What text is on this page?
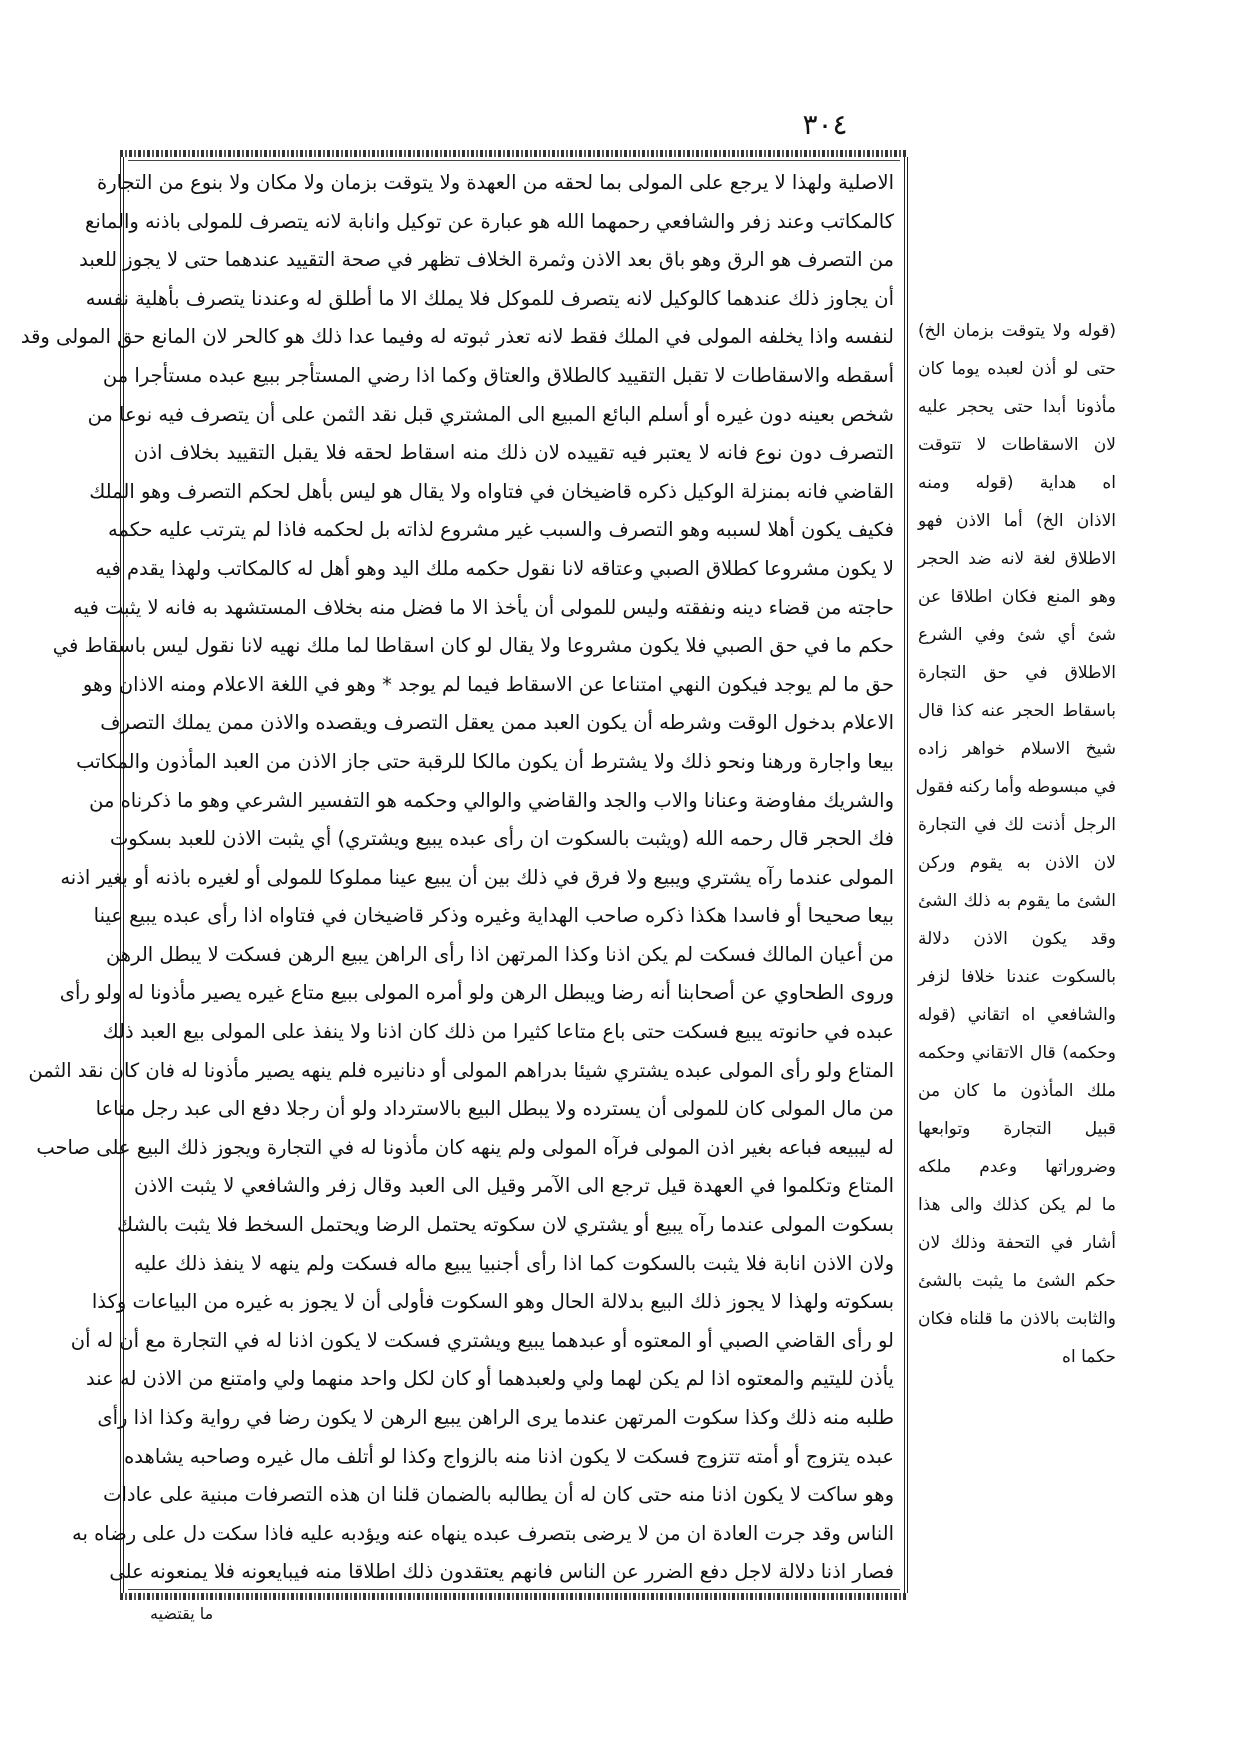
٣٠٤
الاصلية ولهذا لا يرجع على المولى بما لحقه من العهدة ولا يتوقت بزمان ولا مكان ولا بنوع من التجارة
كالمكاتب وعند زفر والشافعي رحمهما الله هو عبارة عن توكيل وانابة لانه يتصرف للمولى باذنه والمانع
من التصرف هو الرق وهو باق بعد الاذن وثمرة الخلاف تظهر في صحة التقييد عندهما حتى لا يجوز للعبد
أن يجاوز ذلك عندهما كالوكيل لانه يتصرف للموكل فلا يملك الا ما أطلق له وعندنا يتصرف بأهلية نفسه
لنفسه واذا يخلفه المولى في الملك فقط لانه تعذر ثبوته له وفيما عدا ذلك هو كالحر لان المانع حق المولى وقد
أسقطه والاسقاطات لا تقبل التقييد كالطلاق والعتاق وكما اذا رضي المستأجر ببيع عبده مستأجرا من
شخص بعينه دون غيره أو أسلم البائع المبيع الى المشتري قبل نقد الثمن على أن يتصرف فيه نوعا من
التصرف دون نوع فانه لا يعتبر فيه تقييده لان ذلك منه اسقاط لحقه فلا يقبل التقييد بخلاف اذن
القاضي فانه بمنزلة الوكيل ذكره قاضيخان في فتاواه ولا يقال هو ليس بأهل لحكم التصرف وهو الملك
فكيف يكون أهلا لسببه وهو التصرف والسبب غير مشروع لذاته بل لحكمه فاذا لم يترتب عليه حكمه
لا يكون مشروعا كطلاق الصبي وعتاقه لانا نقول حكمه ملك اليد وهو أهل له كالمكاتب ولهذا يقدم فيه
حاجته من قضاء دينه ونفقته وليس للمولى أن يأخذ الا ما فضل منه بخلاف المستشهد به فانه لا يثبت فيه
حكم ما في حق الصبي فلا يكون مشروعا ولا يقال لو كان اسقاطا لما ملك نهيه لانا نقول ليس باسقاط في
حق ما لم يوجد فيكون النهي امتناعا عن الاسقاط فيما لم يوجد * وهو في اللغة الاعلام ومنه الاذان وهو
الاعلام بدخول الوقت وشرطه أن يكون العبد ممن يعقل التصرف ويقصده والاذن ممن يملك التصرف
بيعا واجارة ورهنا ونحو ذلك ولا يشترط أن يكون مالكا للرقبة حتى جاز الاذن من العبد المأذون والمكاتب
والشريك مفاوضة وعنانا والاب والجد والقاضي والوالي وحكمه هو التفسير الشرعي وهو ما ذكرناه من
فك الحجر قال رحمه الله (ويثبت بالسكوت ان رأى عبده يبيع ويشتري) أي يثبت الاذن للعبد بسكوت
المولى عندما رآه يشتري ويبيع ولا فرق في ذلك بين أن يبيع عينا مملوكا للمولى أو لغيره باذنه أو بغير اذنه
بيعا صحيحا أو فاسدا هكذا ذكره صاحب الهداية وغيره وذكر قاضيخان في فتاواه اذا رأى عبده يبيع عينا
من أعيان المالك فسكت لم يكن اذنا وكذا المرتهن اذا رأى الراهن يبيع الرهن فسكت لا يبطل الرهن
وروى الطحاوي عن أصحابنا أنه رضا ويبطل الرهن ولو أمره المولى ببيع متاع غيره يصير مأذونا له ولو رأى
عبده في حانوته يبيع فسكت حتى باع متاعا كثيرا من ذلك كان اذنا ولا ينفذ على المولى بيع العبد ذلك
المتاع ولو رأى المولى عبده يشتري شيئا بدراهم المولى أو دنانيره فلم ينهه يصير مأذونا له فان كان نقد الثمن
من مال المولى كان للمولى أن يسترده ولا يبطل البيع بالاسترداد ولو أن رجلا دفع الى عبد رجل متاعا
له ليبيعه فباعه بغير اذن المولى فرآه المولى ولم ينهه كان مأذونا له في التجارة ويجوز ذلك البيع على صاحب
المتاع وتكلموا في العهدة قيل ترجع الى الآمر وقيل الى العبد وقال زفر والشافعي لا يثبت الاذن
بسكوت المولى عندما رآه يبيع أو يشتري لان سكوته يحتمل الرضا ويحتمل السخط فلا يثبت بالشك
ولان الاذن انابة فلا يثبت بالسكوت كما اذا رأى أجنبيا يبيع ماله فسكت ولم ينهه لا ينفذ ذلك عليه
بسكوته ولهذا لا يجوز ذلك البيع بدلالة الحال وهو السكوت فأولى أن لا يجوز به غيره من البياعات وكذا
لو رأى القاضي الصبي أو المعتوه أو عبدهما يبيع ويشتري فسكت لا يكون اذنا له في التجارة مع أن له أن
يأذن لليتيم والمعتوه اذا لم يكن لهما ولي ولعبدهما أو كان لكل واحد منهما ولي وامتنع من الاذن له عند
طلبه منه ذلك وكذا سكوت المرتهن عندما يرى الراهن يبيع الرهن لا يكون رضا في رواية وكذا اذا رأى
عبده يتزوج أو أمته تتزوج فسكت لا يكون اذنا منه بالزواج وكذا لو أتلف مال غيره وصاحبه يشاهده
وهو ساكت لا يكون اذنا منه حتى كان له أن يطالبه بالضمان قلنا ان هذه التصرفات مبنية على عادات
الناس وقد جرت العادة ان من لا يرضى بتصرف عبده ينهاه عنه ويؤدبه عليه فاذا سكت دل على رضاه به
فصار اذنا دلالة لاجل دفع الضرر عن الناس فانهم يعتقدون ذلك اطلاقا منه فيبايعونه فلا يمنعونه على
(قوله ولا يتوقت بزمان الخ)
حتى لو أذن لعبده يوما كان
مأذونا أبدا حتى يحجر عليه
لان الاسقاطات لا تتوقت
اه هداية (قوله ومنه
الاذان الخ) أما الاذن فهو
الاطلاق لغة لانه ضد الحجر
وهو المنع فكان اطلاقا عن
شئ أي شئ وفي الشرع
الاطلاق في حق التجارة
باسقاط الحجر عنه كذا قال
شيخ الاسلام خواهر زاده
في مبسوطه وأما ركنه فقول
الرجل أذنت لك في التجارة
لان الاذن به يقوم وركن
الشئ ما يقوم به ذلك الشئ
وقد يكون الاذن دلالة
بالسكوت عندنا خلافا لزفر
والشافعي اه اتقاني (قوله
وحكمه) قال الاتقاني وحكمه
ملك المأذون ما كان من
قبيل التجارة وتوابعها
وضروراتها وعدم ملكه
ما لم يكن كذلك والى هذا
أشار في التحفة وذلك لان
حكم الشئ ما يثبت بالشئ
والثابت بالاذن ما قلناه فكان
حكما اه
ما يقتضيه
